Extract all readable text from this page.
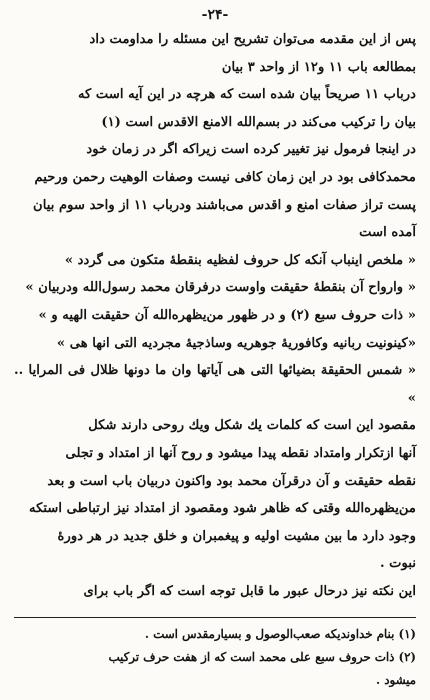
-۲۴-

پس از این مقدمه می‌توان تشریح این مسئله را مداومت داد

بمطالعه باب ۱۱ و۱۲ از واحد ۳ بیان

درباب ۱۱ صریحاً بیان شده است که هرچه در این آیه است که

بیان را ترکیب می‌کند در بسم‌الله الامنع الاقدس است (۱)

در اینجا فرمول نیز تغییر کرده است زیراکه اگر در زمان خود

محمدکافی بود در این زمان کافی نیست وصفات الوهیت رحمن ورحیم

پست تراز صفات امنع و اقدس می‌باشند ودرباب ۱۱ از واحد سوم بیان

آمده است

« ملخص اینباب آنکه کل حروف لفظیه بنقطهٔ متکون می گردد »

« وارواح آن بنقطهٔ حقیقت واوست درفرقان محمد رسول‌الله ودربیان »

« ذات حروف سبع (۲) و در ظهور من‌یظهره‌الله آن حقیقت الهیه و »

«کینونیت ربانیه وکافوریهٔ جوهریه وساذجیهٔ مجردیه التی انها هی »

« شمس الحقیقة بضیائها التی هی آیاتها وان ما دونها ظلال فی المرایا .. »

مقصود این است که کلمات یك شكل ویك روحی دارند شكل

آنها ازتکرار وامتداد نقطه پیدا میشود و روح آنها از امتداد و تجلی

نقطه حقیقت و آن درقرآن محمد بود واکنون دربیان باب است و بعد

من‌یظهره‌الله وقتی که ظاهر شود ومقصود از امتداد نیز ارتباطی استکه

وجود دارد ما بین مشیت اولیه و پیغمبران و خلق جدید در هر دورهٔ

نبوت .

این نکته نیز درحال عبور ما قابل توجه است که اگر باب برای

(۱) بنام خداوندیکه صعب‌الوصول و بسیارمقدس است .

(۲) ذات حروف سبع علی محمد است که از هفت حرف ترکیب

میشود .
